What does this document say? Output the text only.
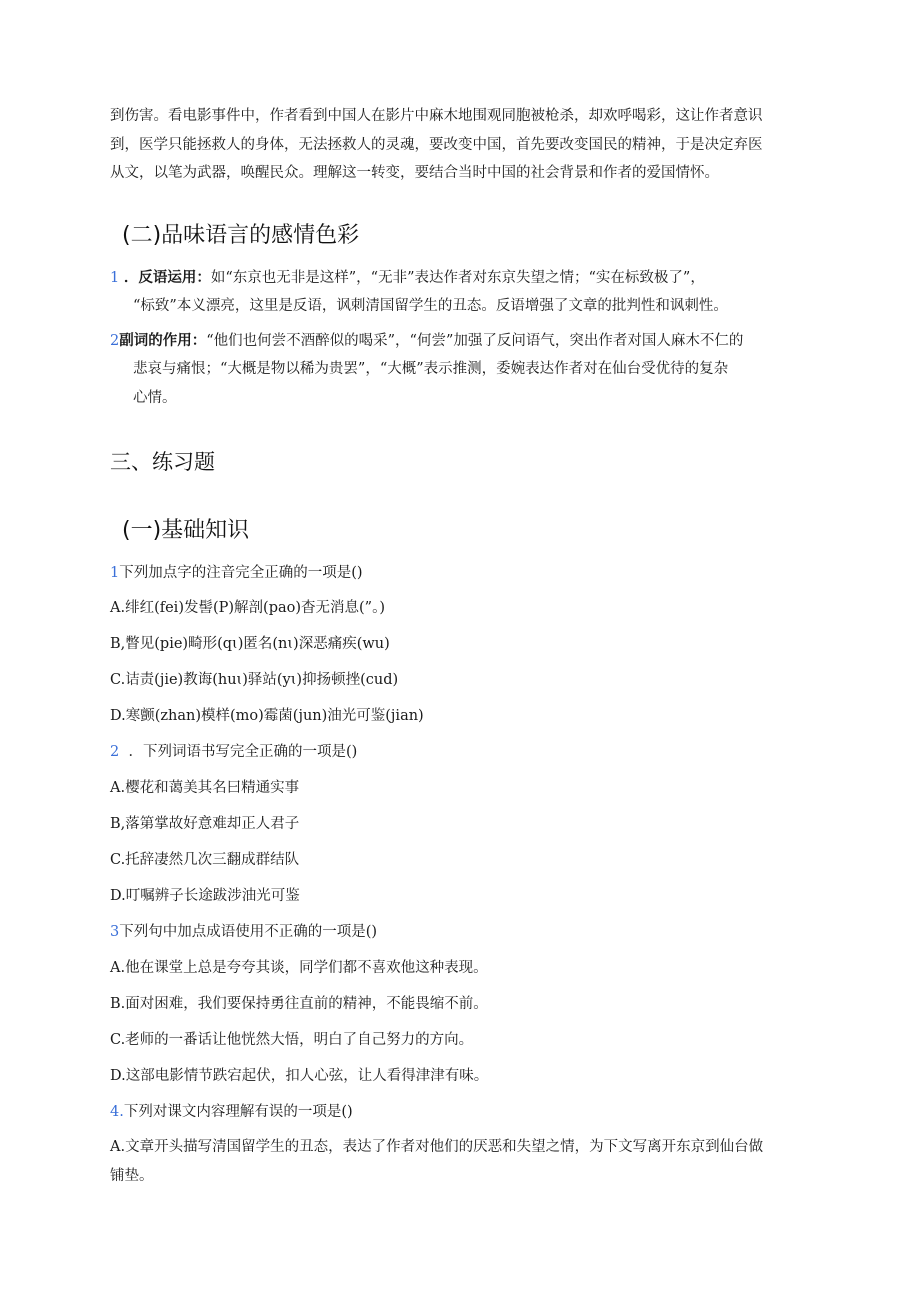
到伤害。看电影事件中，作者看到中国人在影片中麻木地围观同胞被枪杀，却欢呼喝彩，这让作者意识
到，医学只能拯救人的身体，无法拯救人的灵魂，要改变中国，首先要改变国民的精神，于是决定弃医
从文，以笔为武器，唤醒民众。理解这一转变，要结合当时中国的社会背景和作者的爱国情怀。
(二)品味语言的感情色彩
1 ．反语运用：如“东京也无非是这样”，“无非”表达作者对东京失望之情；“实在标致极了”，
“标致”本义漂亮，这里是反语，讽刺清国留学生的丑态。反语增强了文章的批判性和讽刺性。
2副词的作用：“他们也何尝不酒醉似的喝采”，“何尝”加强了反问语气，突出作者对国人麻木不仁的
悲哀与痛恨；“大概是物以稀为贵罢”，“大概”表示推测，委婉表达作者对在仙台受优待的复杂
心情。
三、练习题
(一)基础知识
1下列加点字的注音完全正确的一项是()
A.绯红(fei)发髻(P)解剖(pao)杳无消息(”。)
B,瞥见(pie)畸形(qɩ)匿名(nɩ)深恶痛疾(wu)
C.诘责(jie)教诲(huɩ)驿站(yɩ)抑扬顿挫(cud)
D.寒颤(zhan)模样(mo)霉菌(jun)油光可鉴(jian)
2 ．下列词语书写完全正确的一项是()
A.樱花和蔼美其名曰精通实事
B,落第掌故好意难却正人君子
C.托辞凄然几次三翻成群结队
D.叮嘱辨子长途跋涉油光可鉴
3下列句中加点成语使用不正确的一项是()
A.他在课堂上总是夸夸其谈，同学们都不喜欢他这种表现。
B.面对困难，我们要保持勇往直前的精神，不能畏缩不前。
C.老师的一番话让他恍然大悟，明白了自己努力的方向。
D.这部电影情节跌宕起伏，扣人心弦，让人看得津津有味。
4.下列对课文内容理解有误的一项是()
A.文章开头描写清国留学生的丑态，表达了作者对他们的厌恶和失望之情，为下文写离开东京到仙台做
铺垫。
